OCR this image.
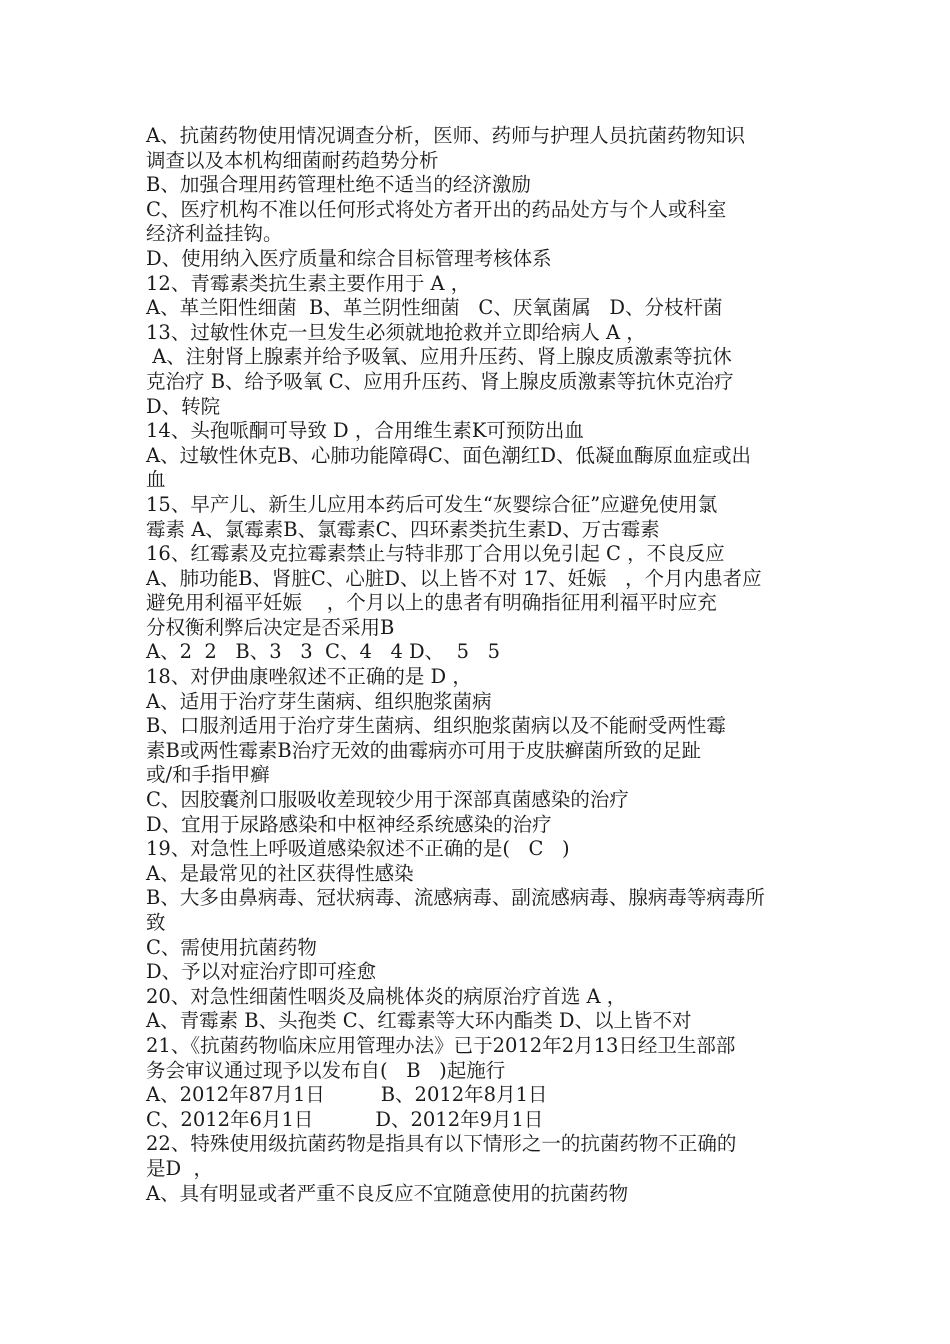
A、抗菌药物使用情况调查分析，医师、药师与护理人员抗菌药物知识
调查以及本机构细菌耐药趋势分析
B、加强合理用药管理杜绝不适当的经济激励
C、医疗机构不准以任何形式将处方者开出的药品处方与个人或科室
经济利益挂钩。
D、使用纳入医疗质量和综合目标管理考核体系
12、青霉素类抗生素主要作用于 A ，
A、革兰阳性细菌  B、革兰阴性细菌   C、厌氧菌属   D、分枝杆菌
13、过敏性休克一旦发生必须就地抢救并立即给病人 A ，
A、注射肾上腺素并给予吸氧、应用升压药、肾上腺皮质激素等抗休
克治疗 B、给予吸氧 C、应用升压药、肾上腺皮质激素等抗休克治疗
D、转院
14、头孢哌酮可导致 D ，合用维生素K可预防出血
A、过敏性休克B、心肺功能障碍C、面色潮红D、低凝血酶原血症或出
血
15、早产儿、新生儿应用本药后可发生“灰婴综合征”应避免使用氯
霉素 A、氯霉素B、氯霉素C、四环素类抗生素D、万古霉素
16、红霉素及克拉霉素禁止与特非那丁合用以免引起 C ，不良反应
A、肺功能B、肾脏C、心脏D、以上皆不对 17、妊娠   ，个月内患者应
避免用利福平妊娠    ，个月以上的患者有明确指征用利福平时应充
分权衡利弊后决定是否采用B
A、2  2   B、3   3  C、4   4 D、  5   5
18、对伊曲康唑叙述不正确的是 D ，
A、适用于治疗芽生菌病、组织胞浆菌病
B、口服剂适用于治疗芽生菌病、组织胞浆菌病以及不能耐受两性霉
素B或两性霉素B治疗无效的曲霉病亦可用于皮肤癣菌所致的足趾
或/和手指甲癣
C、因胶囊剂口服吸收差现较少用于深部真菌感染的治疗
D、宜用于尿路感染和中枢神经系统感染的治疗
19、对急性上呼吸道感染叙述不正确的是(   C   )
A、是最常见的社区获得性感染
B、大多由鼻病毒、冠状病毒、流感病毒、副流感病毒、腺病毒等病毒所
致
C、需使用抗菌药物
D、予以对症治疗即可痊愈
20、对急性细菌性咽炎及扁桃体炎的病原治疗首选 A ，
A、青霉素 B、头孢类 C、红霉素等大环内酯类 D、以上皆不对
21、《抗菌药物临床应用管理办法》已于2012年2月13日经卫生部部
务会审议通过现予以发布自(   B   )起施行
A、2012年87月1日         B、2012年8月1日
C、2012年6月1日          D、2012年9月1日
22、特殊使用级抗菌药物是指具有以下情形之一的抗菌药物不正确的
是D  ，
A、具有明显或者严重不良反应不宜随意使用的抗菌药物
